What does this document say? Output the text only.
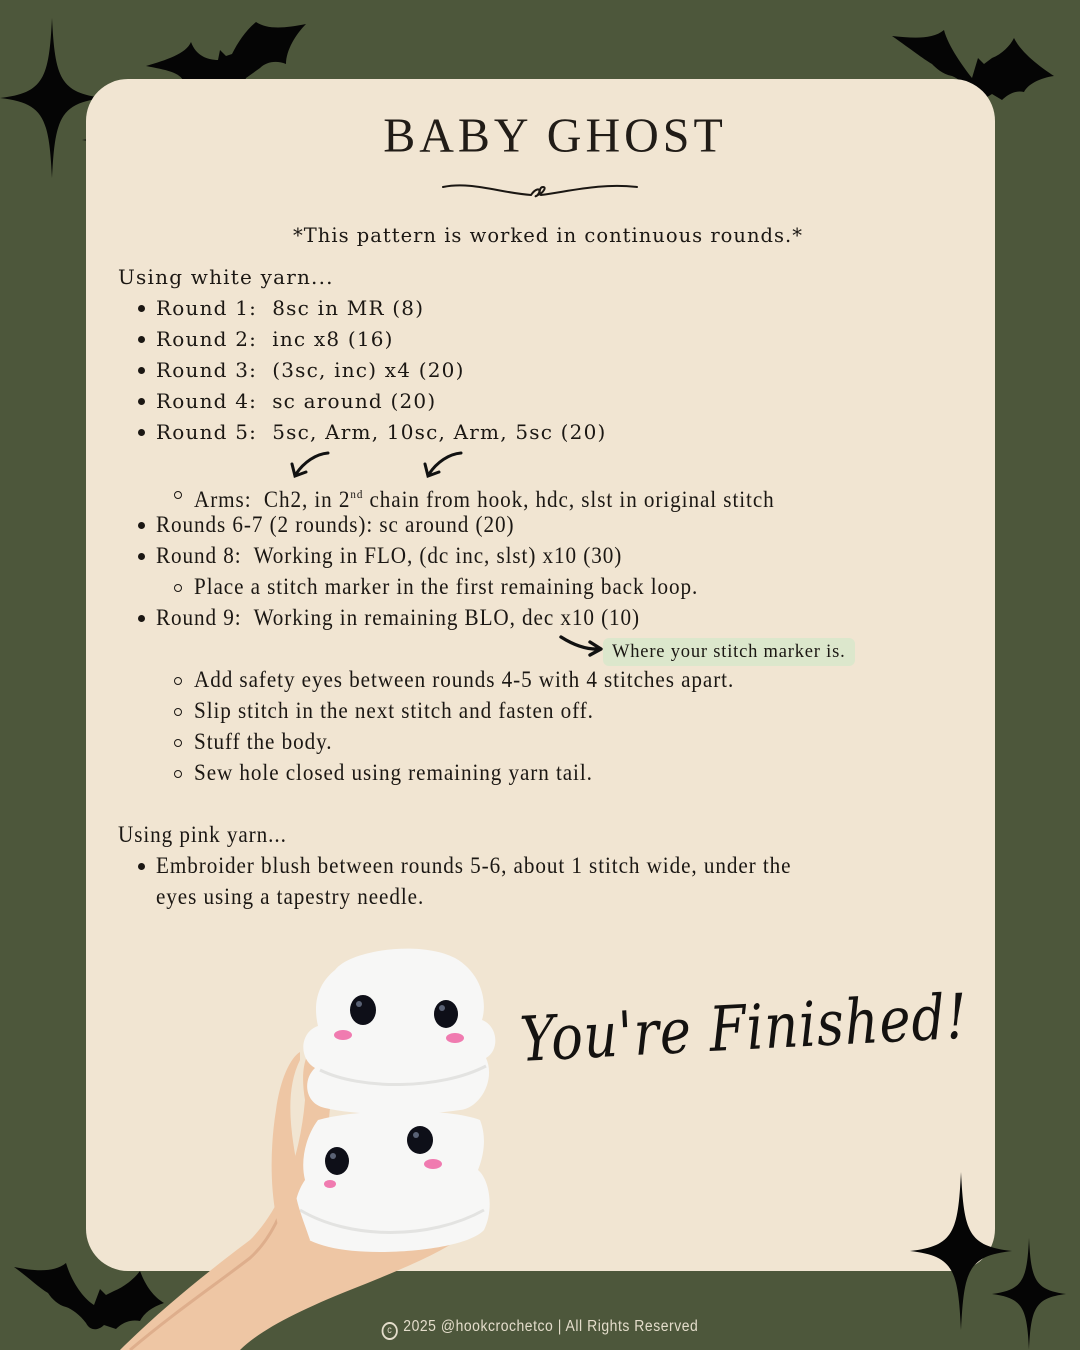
BABY GHOST
*This pattern is worked in continuous rounds.*
Using white yarn...
Round 1: 8sc in MR (8)
Round 2: inc x8 (16)
Round 3: (3sc, inc) x4 (20)
Round 4: sc around (20)
Round 5: 5sc, Arm, 10sc, Arm, 5sc (20)
Arms: Ch2, in 2nd chain from hook, hdc, slst in original stitch
Rounds 6-7 (2 rounds): sc around (20)
Round 8: Working in FLO, (dc inc, slst) x10 (30)
Place a stitch marker in the first remaining back loop.
Round 9: Working in remaining BLO, dec x10 (10)
Add safety eyes between rounds 4-5 with 4 stitches apart.
Slip stitch in the next stitch and fasten off.
Stuff the body.
Sew hole closed using remaining yarn tail.
Using pink yarn...
Embroider blush between rounds 5-6, about 1 stitch wide, under the
eyes using a tapestry needle.
Where your stitch marker is.
You're Finished!
c 2025 @hookcrochetco | All Rights Reserved
